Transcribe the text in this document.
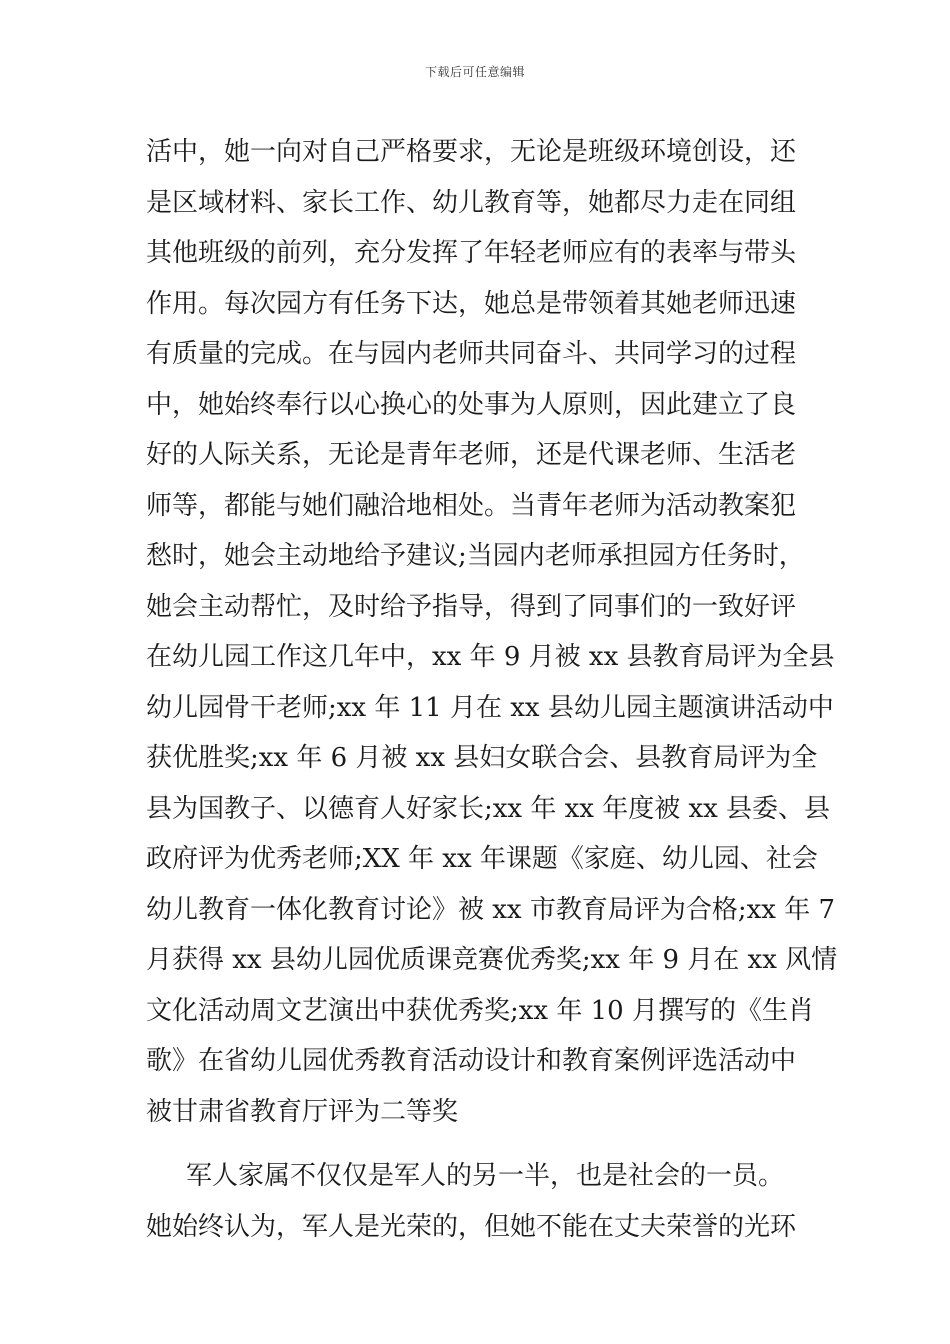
下载后可任意编辑
活中，她一向对自己严格要求，无论是班级环境创设，还
是区域材料、家长工作、幼儿教育等，她都尽力走在同组
其他班级的前列，充分发挥了年轻老师应有的表率与带头
作用。每次园方有任务下达，她总是带领着其她老师迅速
有质量的完成。在与园内老师共同奋斗、共同学习的过程
中，她始终奉行以心换心的处事为人原则，因此建立了良
好的人际关系，无论是青年老师，还是代课老师、生活老
师等，都能与她们融洽地相处。当青年老师为活动教案犯
愁时，她会主动地给予建议;当园内老师承担园方任务时，
她会主动帮忙，及时给予指导，得到了同事们的一致好评
在幼儿园工作这几年中，xx 年 9 月被 xx 县教育局评为全县
幼儿园骨干老师;xx 年 11 月在 xx 县幼儿园主题演讲活动中
获优胜奖;xx 年 6 月被 xx 县妇女联合会、县教育局评为全
县为国教子、以德育人好家长;xx 年 xx 年度被 xx 县委、县
政府评为优秀老师;XX 年 xx 年课题《家庭、幼儿园、社会
幼儿教育一体化教育讨论》被 xx 市教育局评为合格;xx 年 7
月获得 xx 县幼儿园优质课竞赛优秀奖;xx 年 9 月在 xx 风情
文化活动周文艺演出中获优秀奖;xx 年 10 月撰写的《生肖
歌》在省幼儿园优秀教育活动设计和教育案例评选活动中
被甘肃省教育厅评为二等奖
军人家属不仅仅是军人的另一半，也是社会的一员。
她始终认为，军人是光荣的，但她不能在丈夫荣誉的光环
